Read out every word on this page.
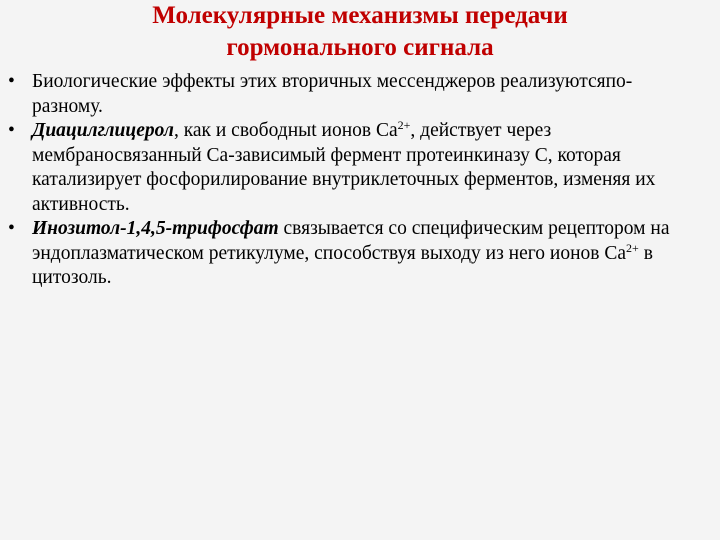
Молекулярные механизмы передачи
гормонального сигнала
• Биологические эффекты этих вторичных мессенджеров реализуютсяпо-разному.
• Диацилглицерол, как и свободныt ионов $Ca^{2+}$, действует через мембраносвязанный Са-зависимый фермент протеинкиназу С, которая катализирует фосфорилирование внутриклеточных ферментов, изменяя их активность.
• Инозитол-1,4,5-трифосфат связывается со специфическим рецептором на эндоплазматическом ретикулуме, способствуя выходу из него ионов $Ca^{2+}$ в цитозоль.
